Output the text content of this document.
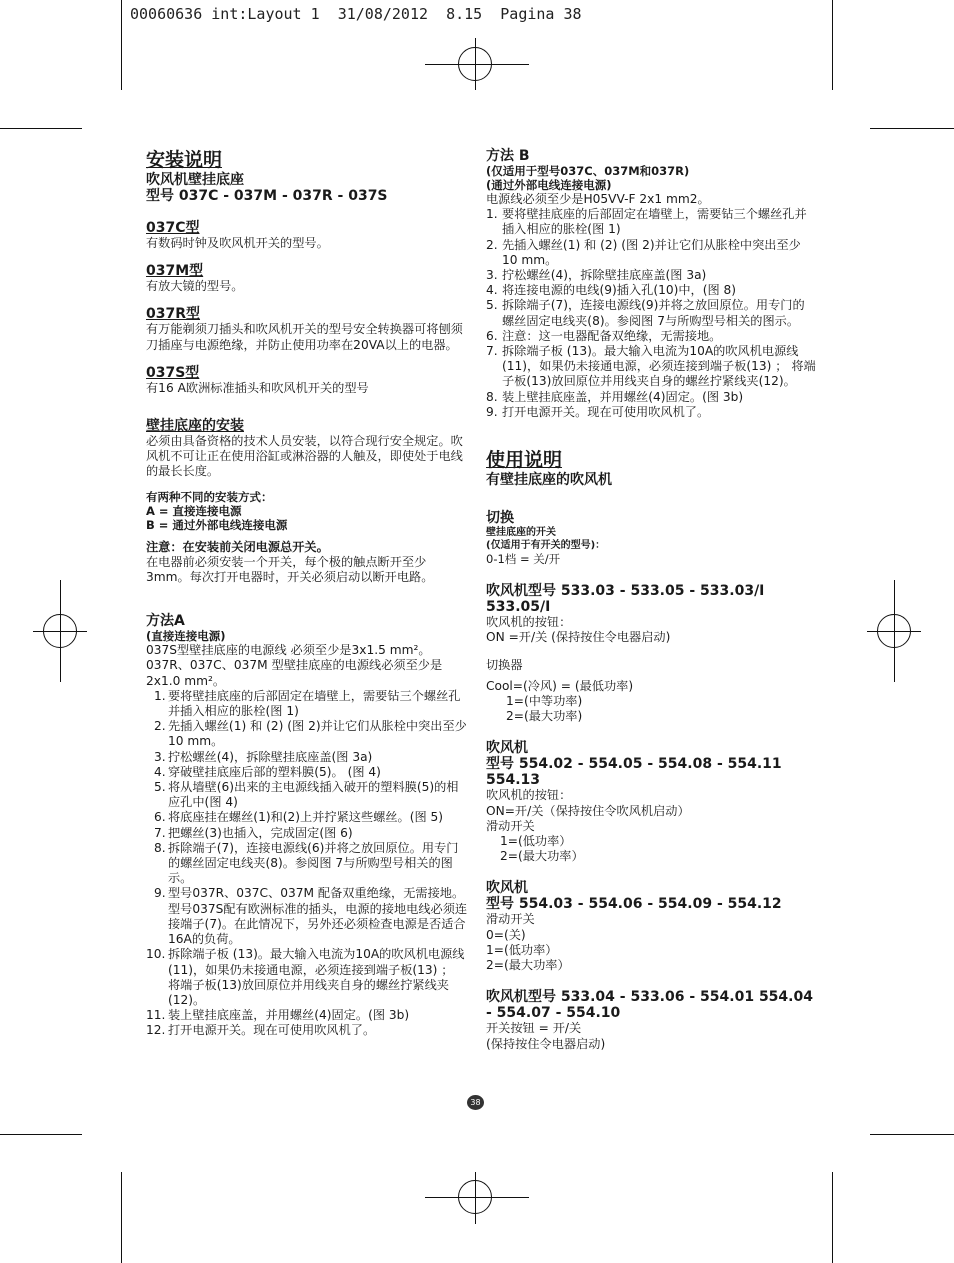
00060636 int:Layout 1  31/08/2012  8.15  Pagina 38

安装说明

吹风机壁挂底座

型号 037C - 037M - 037R - 037S

037C型

有数码时钟及吹风机开关的型号。

037M型

有放大镜的型号。

037R型

有万能剃须刀插头和吹风机开关的型号安全转换器可将刨须刀插座与电源绝缘，并防止使用功率在20VA以上的电器。

037S型

有16 A欧洲标准插头和吹风机开关的型号

壁挂底座的安装

必须由具备资格的技术人员安装，以符合现行安全规定。吹风机不可让正在使用浴缸或淋浴器的人触及，即使处于电线的最长长度。

有两种不同的安装方式：

A = 直接连接电源

B = 通过外部电线连接电源

注意：在安装前关闭电源总开关。

在电器前必须安装一个开关，每个极的触点断开至少3mm。每次打开电器时，开关必须启动以断开电路。

方法A

(直接连接电源)

037S型壁挂底座的电源线 必须至少是3x1.5 mm²。

037R、037C、037M 型壁挂底座的电源线必须至少是2x1.0 mm²。

1. 要将壁挂底座的后部固定在墙壁上，需要钻三个螺丝孔并插入相应的胀栓(图 1)
2. 先插入螺丝(1) 和 (2) (图 2)并让它们从胀栓中突出至少10 mm。
3. 拧松螺丝(4)，拆除壁挂底座盖(图 3a)
4. 穿破壁挂底座后部的塑料膜(5)。 (图 4)
5. 将从墙壁(6)出来的主电源线插入破开的塑料膜(5)的相应孔中(图 4)
6. 将底座挂在螺丝(1)和(2)上并拧紧这些螺丝。(图 5)
7. 把螺丝(3)也插入，完成固定(图 6)
8. 拆除端子(7)，连接电源线(6)并将之放回原位。用专门的螺丝固定电线夹(8)。参阅图 7与所购型号相关的图示。
9. 型号037R、037C、037M 配备双重绝缘，无需接地。 型号037S配有欧洲标准的插头，电源的接地电线必须连接端子(7)。在此情况下，另外还必须检查电源是否适合16A的负荷。
10. 拆除端子板 (13)。最大输入电流为10A的吹风机电源线 (11)，如果仍未接通电源，必须连接到端子板(13) ； 将端子板(13)放回原位并用线夹自身的螺丝拧紧线夹(12)。
11. 装上壁挂底座盖，并用螺丝(4)固定。(图 3b)
12. 打开电源开关。现在可使用吹风机了。

方法 B

(仅适用于型号037C、037M和037R)

(通过外部电线连接电源)

电源线必须至少是H05VV-F 2x1 mm2。

1. 要将壁挂底座的后部固定在墙壁上，需要钻三个螺丝孔并插入相应的胀栓(图 1)
2. 先插入螺丝(1) 和 (2) (图 2)并让它们从胀栓中突出至少10 mm。
3. 拧松螺丝(4)，拆除壁挂底座盖(图 3a)
4. 将连接电源的电线(9)插入孔(10)中，(图 8)
5. 拆除端子(7)，连接电源线(9)并将之放回原位。用专门的螺丝固定电线夹(8)。参阅图 7与所购型号相关的图示。
6. 注意：这一电器配备双绝缘，无需接地。
7. 拆除端子板 (13)。最大输入电流为10A的吹风机电源线 (11)，如果仍未接通电源，必须连接到端子板(13) ； 将端子板(13)放回原位并用线夹自身的螺丝拧紧线夹(12)。
8. 装上壁挂底座盖，并用螺丝(4)固定。(图 3b)
9. 打开电源开关。现在可使用吹风机了。

使用说明

有壁挂底座的吹风机

切换

壁挂底座的开关

(仅适用于有开关的型号)：

0-1档 = 关/开

吹风机型号 533.03 - 533.05 - 533.03/I 533.05/I

吹风机的按钮：

ON =开/关 (保持按住令电器启动)

切换器

Cool=(冷风) = (最低功率)

1=(中等功率)

2=(最大功率)

吹风机

型号 554.02 - 554.05 - 554.08 - 554.11 554.13

吹风机的按钮：

ON=开/关（保持按住令吹风机启动）

滑动开关

1=(低功率）

2=(最大功率）

吹风机

型号 554.03 - 554.06 - 554.09 - 554.12

滑动开关

0=(关)

1=(低功率）

2=(最大功率）

吹风机型号 533.04 - 533.06 - 554.01 554.04 - 554.07 - 554.10

开关按钮 = 开/关

(保持按住令电器启动)

38
